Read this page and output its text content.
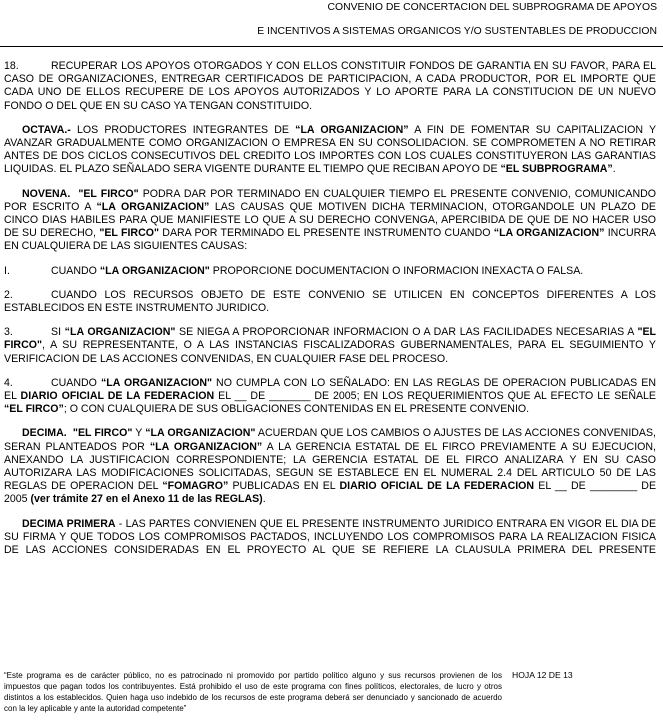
CONVENIO DE CONCERTACION DEL SUBPROGRAMA DE APOYOS
E INCENTIVOS A SISTEMAS ORGANICOS Y/O SUSTENTABLES DE PRODUCCION

18.	RECUPERAR LOS APOYOS OTORGADOS Y CON ELLOS CONSTITUIR FONDOS DE GARANTIA EN SU FAVOR, PARA EL CASO DE ORGANIZACIONES, ENTREGAR CERTIFICADOS DE PARTICIPACION, A CADA PRODUCTOR, POR EL IMPORTE QUE CADA UNO DE ELLOS RECUPERE DE LOS APOYOS AUTORIZADOS Y LO APORTE PARA LA CONSTITUCION DE UN NUEVO FONDO O DEL QUE EN SU CASO YA TENGAN CONSTITUIDO.

OCTAVA.- LOS PRODUCTORES INTEGRANTES DE “LA ORGANIZACION” A FIN DE FOMENTAR SU CAPITALIZACION Y AVANZAR GRADUALMENTE COMO ORGANIZACION O EMPRESA EN SU CONSOLIDACION. SE COMPROMETEN A NO RETIRAR ANTES DE DOS CICLOS CONSECUTIVOS DEL CREDITO LOS IMPORTES CON LOS CUALES CONSTITUYERON LAS GARANTIAS LIQUIDAS. EL PLAZO SEÑALADO SERA VIGENTE DURANTE EL TIEMPO QUE RECIBAN APOYO DE “EL SUBPROGRAMA”.

NOVENA. "EL FIRCO" PODRA DAR POR TERMINADO EN CUALQUIER TIEMPO EL PRESENTE CONVENIO, COMUNICANDO POR ESCRITO A “LA ORGANIZACION” LAS CAUSAS QUE MOTIVEN DICHA TERMINACION, OTORGANDOLE UN PLAZO DE CINCO DIAS HABILES PARA QUE MANIFIESTE LO QUE A SU DERECHO CONVENGA, APERCIBIDA DE QUE DE NO HACER USO DE SU DERECHO, "EL FIRCO" DARA POR TERMINADO EL PRESENTE INSTRUMENTO CUANDO “LA ORGANIZACION” INCURRA EN CUALQUIERA DE LAS SIGUIENTES CAUSAS:

I.	CUANDO “LA ORGANIZACION" PROPORCIONE DOCUMENTACION O INFORMACION INEXACTA O FALSA.

2.	CUANDO LOS RECURSOS OBJETO DE ESTE CONVENIO SE UTILICEN EN CONCEPTOS DIFERENTES A LOS ESTABLECIDOS EN ESTE INSTRUMENTO JURIDICO.

3.	SI “LA ORGANIZACION" SE NIEGA A PROPORCIONAR INFORMACION O A DAR LAS FACILIDADES NECESARIAS A "EL FIRCO", A SU REPRESENTANTE, O A LAS INSTANCIAS FISCALIZADORAS GUBERNAMENTALES, PARA EL SEGUIMIENTO Y VERIFICACION DE LAS ACCIONES CONVENIDAS, EN CUALQUIER FASE DEL PROCESO.

4.	CUANDO “LA ORGANIZACION" NO CUMPLA CON LO SEÑALADO: EN LAS REGLAS DE OPERACION PUBLICADAS EN EL DIARIO OFICIAL DE LA FEDERACION EL __ DE _______ DE 2005; EN LOS REQUERIMIENTOS QUE AL EFECTO LE SEÑALE “EL FIRCO”; O CON CUALQUIERA DE SUS OBLIGACIONES CONTENIDAS EN EL PRESENTE CONVENIO.

DECIMA. "EL FIRCO" Y “LA ORGANIZACION" ACUERDAN QUE LOS CAMBIOS O AJUSTES DE LAS ACCIONES CONVENIDAS, SERAN PLANTEADOS POR “LA ORGANIZACION” A LA GERENCIA ESTATAL DE EL FIRCO PREVIAMENTE A SU EJECUCION, ANEXANDO LA JUSTIFICACION CORRESPONDIENTE; LA GERENCIA ESTATAL DE EL FIRCO ANALIZARA Y EN SU CASO AUTORIZARA LAS MODIFICACIONES SOLICITADAS, SEGUN SE ESTABLECE EN EL NUMERAL 2.4 DEL ARTICULO 50 DE LAS REGLAS DE OPERACION DEL “FOMAGRO” PUBLICADAS EN EL DIARIO OFICIAL DE LA FEDERACION EL __ DE ________ DE 2005 (ver trámite 27 en el Anexo 11 de las REGLAS).

DECIMA PRIMERA - LAS PARTES CONVIENEN QUE EL PRESENTE INSTRUMENTO JURIDICO ENTRARA EN VIGOR EL DIA DE SU FIRMA Y QUE TODOS LOS COMPROMISOS PACTADOS, INCLUYENDO LOS COMPROMISOS PARA LA REALIZACION FISICA DE LAS ACCIONES CONSIDERADAS EN EL PROYECTO AL QUE SE REFIERE LA CLAUSULA PRIMERA DEL PRESENTE

“Este programa es de carácter público, no es patrocinado ni promovido por partido político alguno y sus recursos provienen de los impuestos que pagan todos los contribuyentes. Está prohibido el uso de este programa con fines políticos, electorales, de lucro y otros distintos a los establecidos. Quien haga uso indebido de los recursos de este programa deberá ser denunciado y sancionado de acuerdo con la ley aplicable y ante la autoridad competente”
HOJA 12 DE 13
